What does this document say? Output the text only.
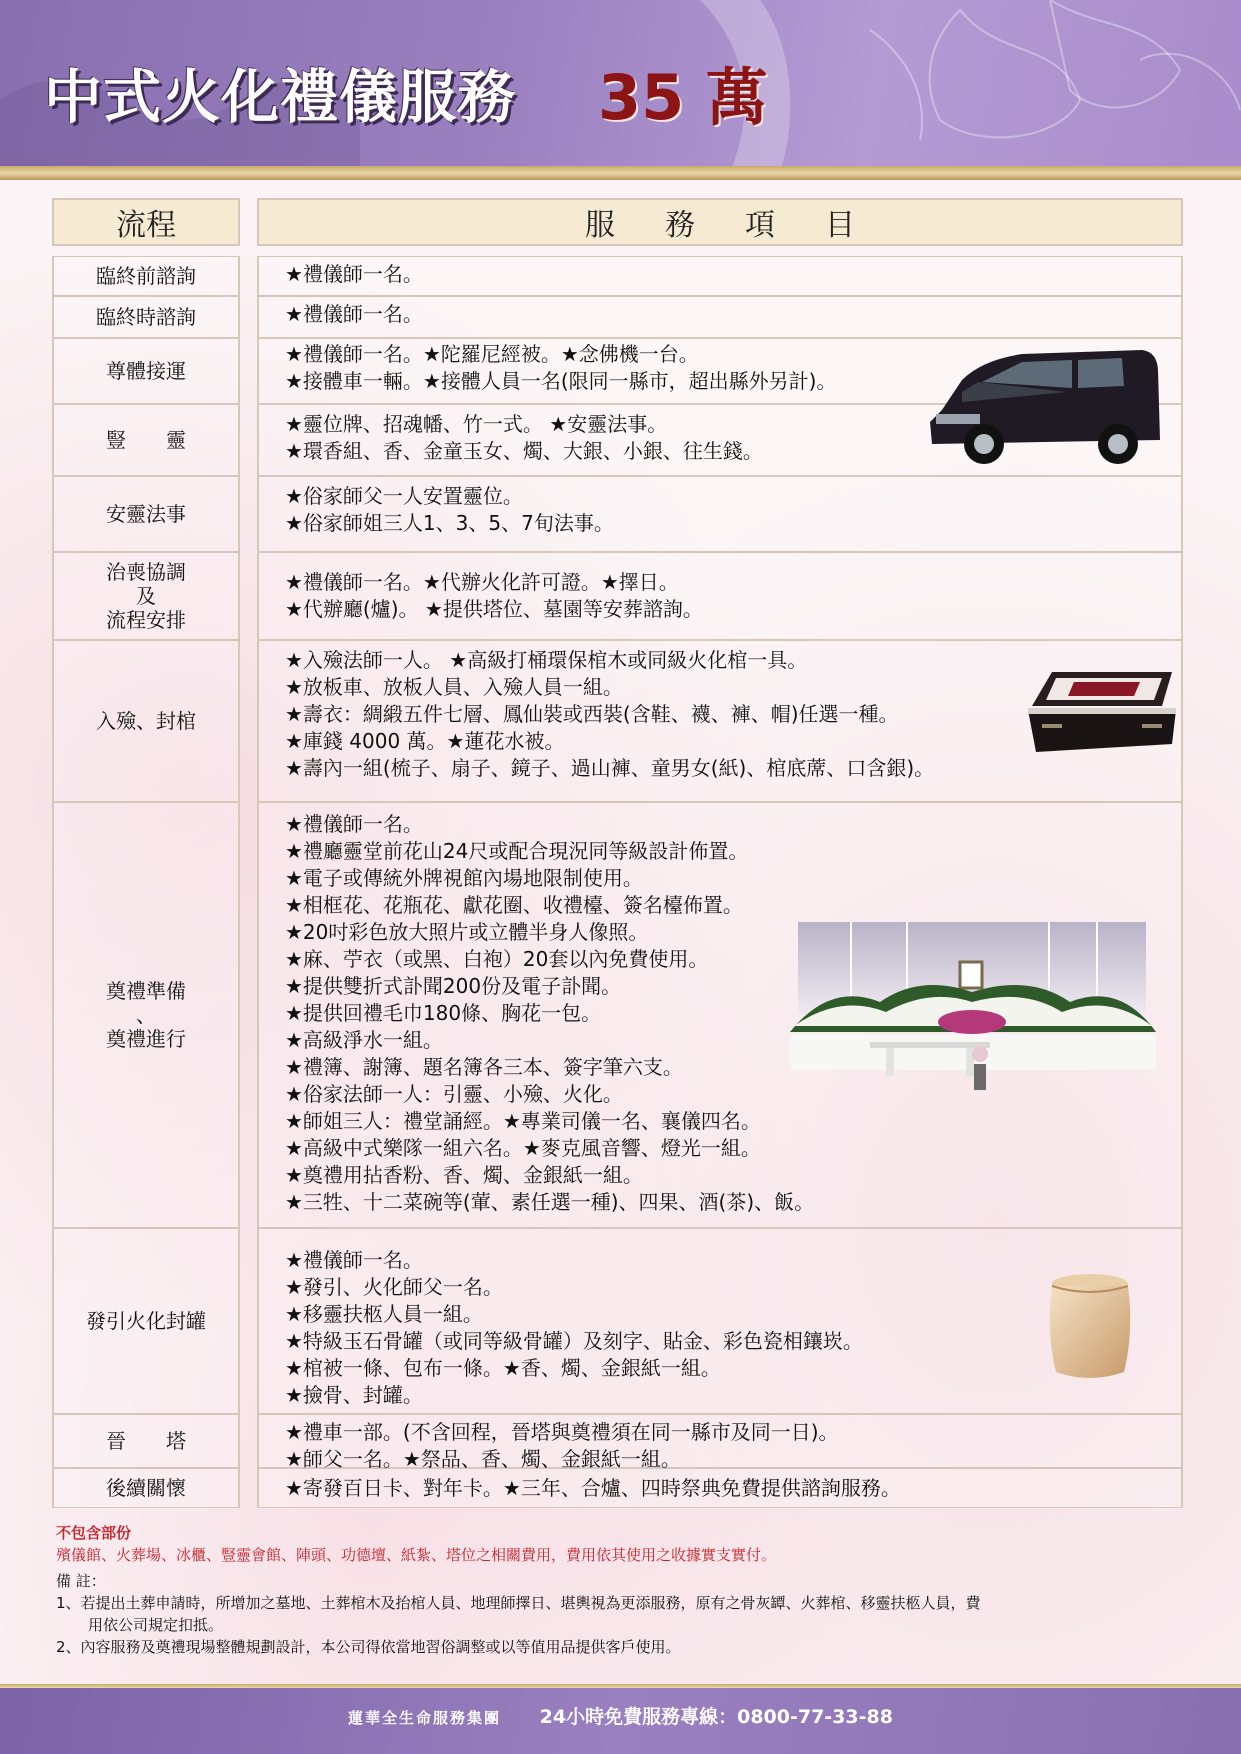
中式火化禮儀服務 35 萬
流程	服務項目
臨終前諮詢	★禮儀師一名。
臨終時諮詢	★禮儀師一名。
尊體接運
★禮儀師一名。★陀羅尼經被。★念佛機一台。
★接體車一輛。★接體人員一名(限同一縣市，超出縣外另計)。
豎　　靈
★靈位牌、招魂幡、竹一式。 ★安靈法事。
★環香組、香、金童玉女、燭、大銀、小銀、往生錢。
安靈法事
★俗家師父一人安置靈位。
★俗家師姐三人1、3、5、7旬法事。
治喪協調
及
流程安排
★禮儀師一名。★代辦火化許可證。★擇日。
★代辦廳(爐)。 ★提供塔位、墓園等安葬諮詢。
入殮、封棺
★入殮法師一人。 ★高級打桶環保棺木或同級火化棺一具。
★放板車、放板人員、入殮人員一組。
★壽衣：綢緞五件七層、鳳仙裝或西裝(含鞋、襪、褲、帽)任選一種。
★庫錢 4000 萬。★蓮花水被。
★壽內一組(梳子、扇子、鏡子、過山褲、童男女(紙)、棺底蓆、口含銀)。
奠禮準備
、
奠禮進行
★禮儀師一名。
★禮廳靈堂前花山24尺或配合現況同等級設計佈置。
★電子或傳統外牌視館內場地限制使用。
★相框花、花瓶花、獻花圈、收禮檯、簽名檯佈置。
★20吋彩色放大照片或立體半身人像照。
★麻、苧衣（或黑、白袍）20套以內免費使用。
★提供雙折式訃聞200份及電子訃聞。
★提供回禮毛巾180條、胸花一包。
★高級淨水一組。
★禮簿、謝簿、題名簿各三本、簽字筆六支。
★俗家法師一人：引靈、小殮、火化。
★師姐三人：禮堂誦經。★專業司儀一名、襄儀四名。
★高級中式樂隊一組六名。★麥克風音響、燈光一組。
★奠禮用拈香粉、香、燭、金銀紙一組。
★三牲、十二菜碗等(葷、素任選一種)、四果、酒(茶)、飯。
發引火化封罐
★禮儀師一名。
★發引、火化師父一名。
★移靈扶柩人員一組。
★特級玉石骨罐（或同等級骨罐）及刻字、貼金、彩色瓷相鑲崁。
★棺被一條、包布一條。★香、燭、金銀紙一組。
★撿骨、封罐。
晉　　塔	★禮車一部。(不含回程，晉塔與奠禮須在同一縣市及同一日)。
★師父一名。★祭品、香、燭、金銀紙一組。
後續關懷	★寄發百日卡、對年卡。★三年、合爐、四時祭典免費提供諮詢服務。
不包含部份
殯儀館、火葬場、冰櫃、豎靈會館、陣頭、功德壇、紙紮、塔位之相關費用，費用依其使用之收據實支實付。
備 註：
1、若提出土葬申請時，所增加之墓地、土葬棺木及抬棺人員、地理師擇日、堪輿視為更添服務，原有之骨灰罈、火葬棺、移靈扶柩人員，費
用依公司規定扣抵。
2、內容服務及奠禮現場整體規劃設計，本公司得依當地習俗調整或以等值用品提供客戶使用。
蓮華全生命服務集團 24小時免費服務專線：0800-77-33-88
